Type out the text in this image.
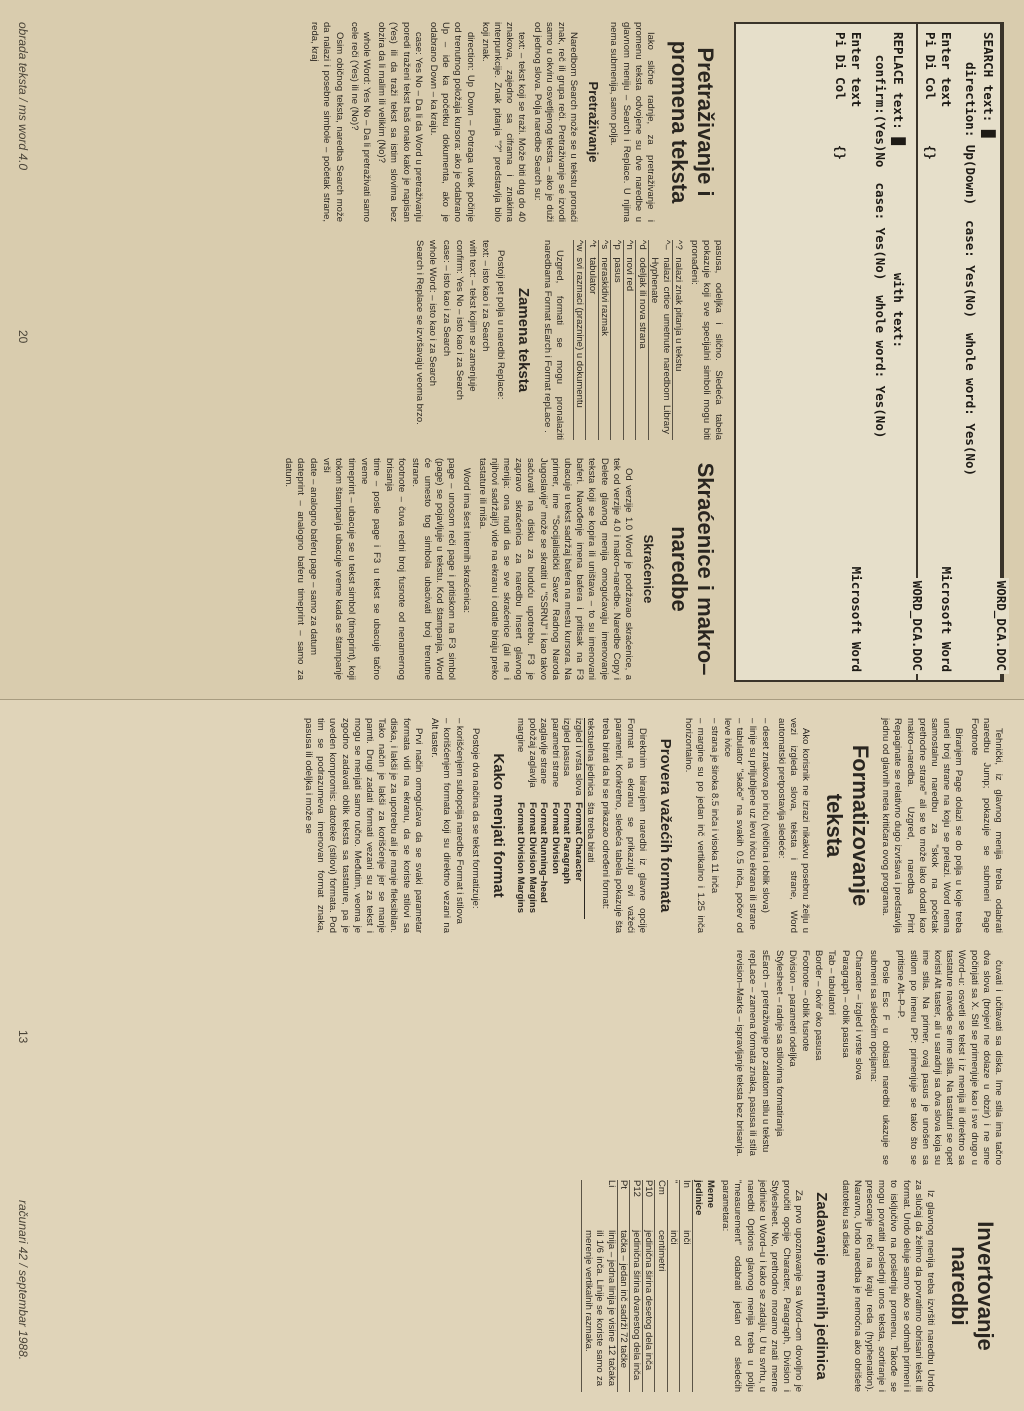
SEARCH text: █
direction: Up(Down)  case: Yes(No)  whole word: Yes(No)
Enter text
Microsoft Word
Pi Di Col      {}
WORD_DCA.DOC
REPLACE text: █                 with text:
confirm:(Yes)No  case: Yes(No)  whole word: Yes(No)
Enter text
Microsoft Word
Pi Di Col      {}
WORD_DCA.DOC
Pretraživanje i promena teksta

Iako slične radnje, za pretraživanje i promenu teksta odvojene su dve naredbe u glavnom meniju – Search i Replace. U njima nema submenija, samo polja.

Pretraživanje

Naredbom Search može se u tekstu pronaći znak, reč ili grupa reči. Pretraživanje se izvodi samo u okviru osvetljenog teksta – ako je duži od jednog slova. Polja naredbe Search su:

text: – tekst koji se traži. Može biti dug do 40 znakova, zajedno sa ciframa i znakima interpunkcije. Znak pitanja "?" predstavlja bilo koji znak.

direction: Up Down – Potraga uvek počinje od trenutnog položaja kursora: ako je odabrano Up – ide ka početku dokumenta, ako je odabrano Down – ka kraju.

case: Yes No – Da li da Word u pretraživanju poredi traženi tekst baš onako kako je napisan (Yes) ili da traži tekst sa istim slovima bez obzira da li malim ili velikim (No)?

whole Word: Yes No – Da li pretraživati samo cele reči (Yes) ili ne (No)?

Osim običnog teksta, naredba Search može da nalazi i posebne simbole – početak strane, reda, kraj

pasusa, odeljka i slično. Sledeća tabela pokazuje koji sve specijalni simboli mogu biti pronađeni:

^?	nalazi znak pitanja u tekstu
^–	nalazi crtice umetnute naredbom Library Hyphenate
^d	odeljak ili nova strana
^n	novi red
^p	pasus
^s	neraskidivi razmak
^t	tabulator
^w	svi razmaci (praznine) u dokumentu

Uzgred, formati se mogu pronalaziti naredbama Format sEarch i Format repLace .

Zamena teksta

Postoji pet polja u naredbi Replace:

text: – isto kao i za Search
with text: – tekst kojim se zamenjuje
confirm: Yes No – isto kao i za Search
case: – isto kao i za Search
whole Word: – isto kao i za Search
Search i Replace se izvršavaju veoma brzo.
Skraćenice i makro–naredbe
Skraćenice

Od verzije 1.0 Word je podržavao skraćenice, a tek od verzije 4.0 i makro–naredbe. Naredbe Copy i Delete glavnog menija omogućavaju imenovanje teksta koji se kopira ili uništava – to su imenovani baferi. Navođenje imena bafera i pritisak na F3 ubacuje u tekst sadržaj bafera na mestu kursora. Na primer, ime "Socijalistički Savez Radnog Naroda Jugoslavije" može se skratiti u "SSRNJ" i kao takvo sačuvati na disku za buduću upotrebu. F3 je zapravo skraćenica za naredbu Insert glavnog menija: ona nudi da se sve skraćenice (ali ne i njihovi sadržaji!) vide na ekranu i odatle biraju preko tastature ili miša.

Word ima šest internih skraćenica:

page – unosom reči page i pritiskom na F3 simbol (page) se pojavljuje u tekstu. Kod štampanja, Word će umesto tog simbola ubacivati broj trenutne strane.
footnote – čuva redni broj fusnote od nenamernog brisanja
time – posle page i F3 u tekst se ubacuje tačno vreme
timeprint – ubacuje se u tekst simbol (timeprint), koji tokom štampanja ubacuje vreme kada se štampanje vrši
date – analogno baferu page – samo za datum
dateprint – analogno baferu timeprint – samo za datum.
obrada teksta / ms word 4.0
20

Tehnički, iz glavnog menija treba odabrati naredbu Jump; pokazuje se submeni Page Footnote

Biranjem Page dolazi se do polja u koje treba uneti broj strane na koju se prelazi. Word nema samostalnu naredbu za "skok na početak prethodne strane" ali se to može lako dodati kao makro–naredba. Uzgred, naredba Print Repaginate se relativno dugo izvršava i predstavlja jednu od glavnih meta kritičara ovog programa.

Formatizovanje teksta

Ako korisnik ne izrazi nikakvu posebnu želju u vezi izgleda slova, teksta i strane, Word automatski pretpostavlja sledeće:

– deset znakova po inču (veličina i oblik slova)
– linije su priljubljene uz levu ivicu ekrana ili strane
– tabulator "skače" na svakih 0.5 inča, počev od leve ivice
– strana je široka 8.5 inča i visoka 11 inča
– margine su po jedan inč vertikalno i 1.25 inča horizontalno.
Provera važećih formata

Direktnim biranjem naredbi iz glavne opcije Format na ekranu se prikazuju svi važeći parametri. Konkretno, sledeća tabela pokazuje šta treba birati da bi se prikazao određeni format:

tekstuelna jedinica	šta treba birati
izgled i vrsta slova	Format Character
izgled pasusa	Format Paragraph
parametri strane	Format Division
zaglavlje strane	Format Running–head
položaj zaglavlja	Format Division Margins
margine	Format Division Margins
Kako menjati format

Postoje dva načina da se tekst formatizuje:

– korišćenjem subopcija naredbe Format i stilova
– korišćenjem formata koji su direktno vezani na Alt taster.

Prvi način omogućava da se svaki parametar formata vidi na ekranu, da se koriste stilovi sa diska, i lakši je za upotrebu ali je manje fleksibilan. Tako načın je lakši za korišćenje jer se manje pamti. Drugi zadati formati vezani su za tekst i mogu se menjati samo ručno. Međutim, veoma je zgodno zadavati oblik teksta sa tastature, pa je uveden kompromis: datoteke (stilovi) formata. Pod tim se podrazumeva imenovan format znaka, pasusa ili odeljka i može se

čuvati i učitavati sa diska. Ime stila ima tačno dva slova (brojevi ne dolaze u obzir) i ne sme počinjati sa X. Stil se primenjuje kao i sve drugo u Word–u: osvetli se tekst i iz menija ili direktno sa tastature navede se ime stila. Na tastaturi se opet koristi Alt taster, ali u saradnji sa dva slova koja su ime stila. Na primer, ovaj pasus je unošen sa stilom po imenu PP: primenjuje se tako što se pritisne Alt–P–P.

Posle Esc F u oblasti naredbi ukazuje se submeni sa sledećim opcijama:

Character – izgled i vrste slova
Paragraph – oblik pasusa
Tab – tabulatori
Border – okvir oko pasusa
Footnote – oblik fusnote
Division – parametri odeljka
Stylesheet – radnje sa stilovima formatiranja
sEarch – pretraživanje po zadatom stilu u tekstu
repLace – zamena formata znaka, pasusa ili stila
revision–Marks – ispravljanje teksta bez brisanja.
Invertovanje naredbi

Iz glavnog menija treba izvršiti naredbu Undo za slučaj da želimo da povratimo obrisani tekst ili format. Undo deluje samo ako se odmah primeni i to isključivo na poslednju promenu. Takođe se mogu povratiti poslednji unos teksta, sortiranje i presecanje reči na kraju reda (hyphenation). Naravno, Undo naredba je nemoćna ako obrišete datoteku sa diska!

Zadavanje mernih jedinica

Za prvo upoznavanje sa Word–om dovoljno je proučiti opcije Character, Paragraph, Division i Stylesheet. No, prethodno moramo znati merne jedinice u Word–u i kako se zadaju. U tu svrhu, u naredbi Options glavnog menija treba u polju "measurement" odabrati jedan od sledećih parametara:

Merne jedinice	
In	inči
"	inči
Cm	centimetri
P10	jedinična širina desetog dela inča
P12	jedinična širina dvanestog dela inča
Pt	tačka – jedan inč sadrži 72 tačke
Li	linija – jedna linija je visine 12 tačaka ili 1/6 inča. Linije se koriste samo za merenje vertikalnih razmaka.
13
računari 42 / septembar 1988.
